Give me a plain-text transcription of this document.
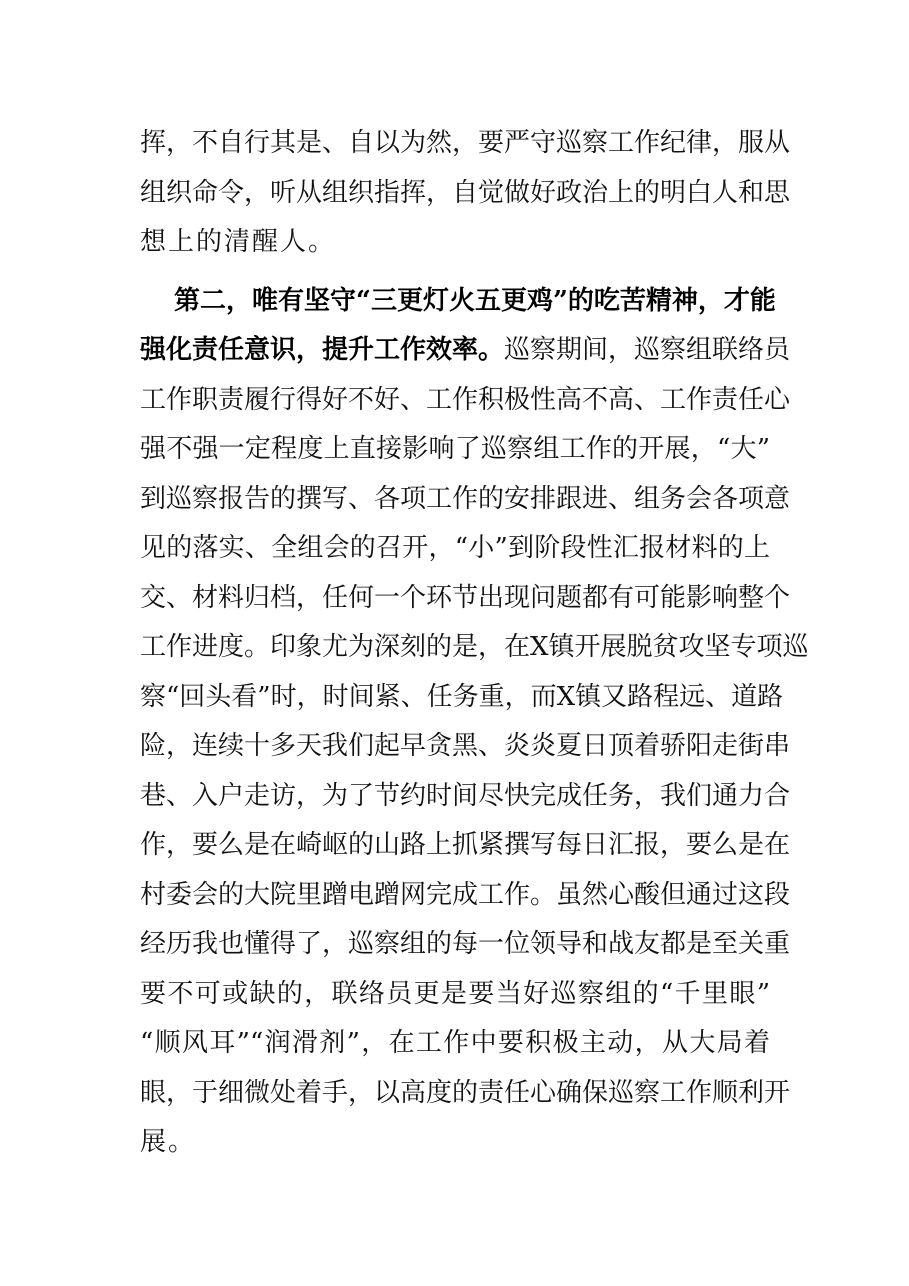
挥，不自行其是、自以为然，要严守巡察工作纪律，服从
组织命令，听从组织指挥，自觉做好政治上的明白人和思
想上的清醒人。
第二，唯有坚守“三更灯火五更鸡”的吃苦精神，才能
强化责任意识，提升工作效率。巡察期间，巡察组联络员
工作职责履行得好不好、工作积极性高不高、工作责任心
强不强一定程度上直接影响了巡察组工作的开展，“大”
到巡察报告的撰写、各项工作的安排跟进、组务会各项意
见的落实、全组会的召开，“小”到阶段性汇报材料的上
交、材料归档，任何一个环节出现问题都有可能影响整个
工作进度。印象尤为深刻的是，在X镇开展脱贫攻坚专项巡
察“回头看”时，时间紧、任务重，而X镇又路程远、道路
险，连续十多天我们起早贪黑、炎炎夏日顶着骄阳走街串
巷、入户走访，为了节约时间尽快完成任务，我们通力合
作，要么是在崎岖的山路上抓紧撰写每日汇报，要么是在
村委会的大院里蹭电蹭网完成工作。虽然心酸但通过这段
经历我也懂得了，巡察组的每一位领导和战友都是至关重
要不可或缺的，联络员更是要当好巡察组的“千里眼”
“顺风耳”“润滑剂”，在工作中要积极主动，从大局着
眼，于细微处着手，以高度的责任心确保巡察工作顺利开
展。
